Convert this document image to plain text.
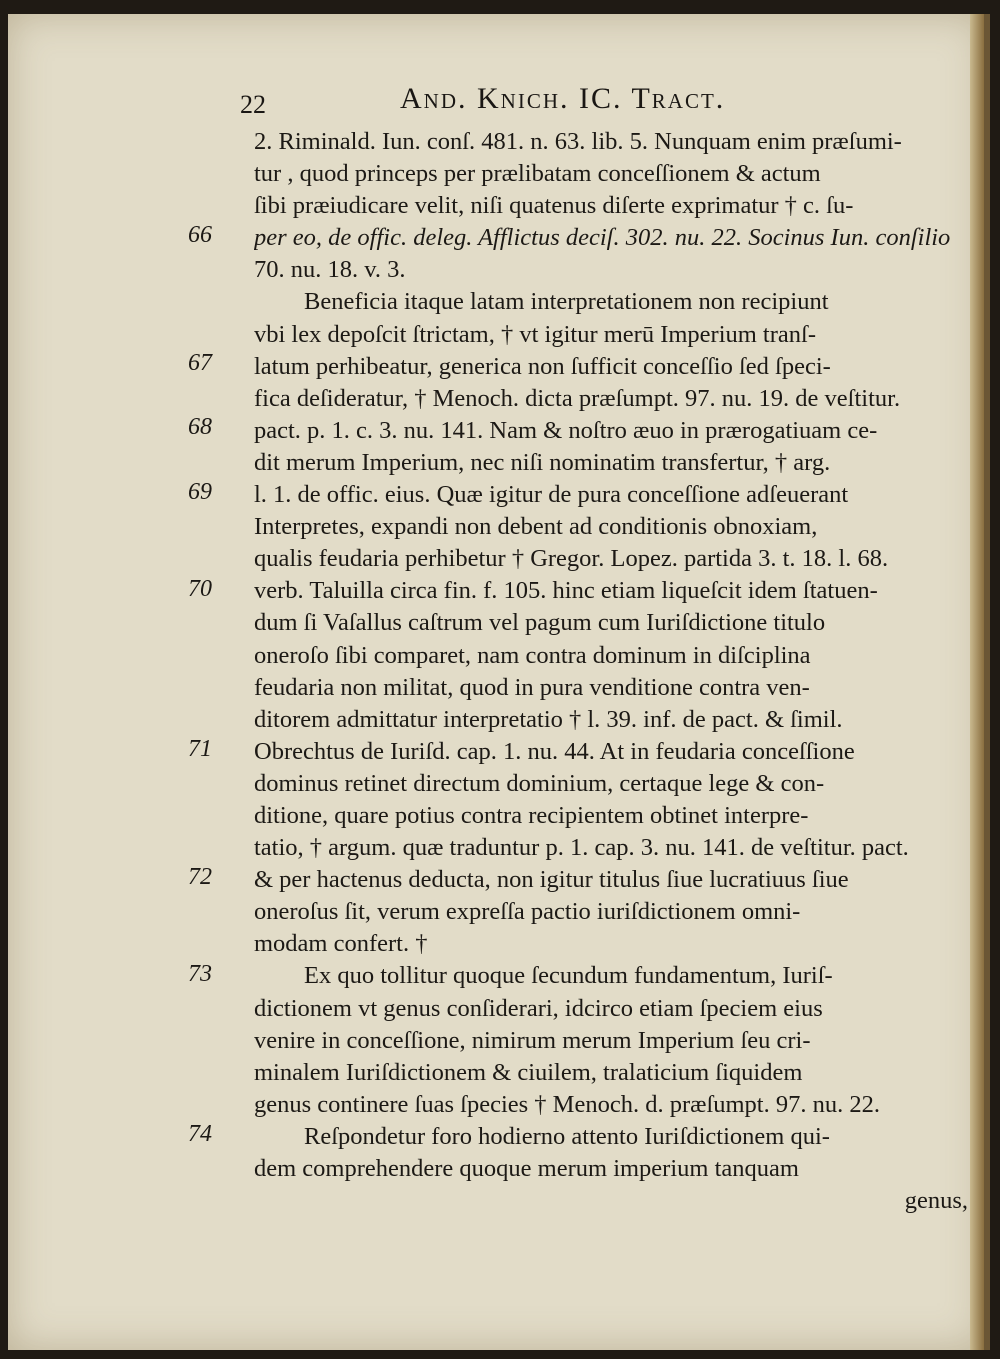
22	And. Knich. IC. Tract.
66
67
68
69
70
71
72
73
74
2. Riminald. Iun. conſ. 481. n. 63. lib. 5. Nunquam enim præſumi-
tur , quod princeps per prælibatam conceſſionem & actum
ſibi præiudicare velit, niſi quatenus diſerte exprimatur † c. ſu-
per eo, de offic. deleg. Afflictus deciſ. 302. nu. 22. Socinus Iun. conſilio
70. nu. 18. v. 3.
Beneficia itaque latam interpretationem non recipiunt
vbi lex depoſcit ſtrictam, † vt igitur merū Imperium tranſ-
latum perhibeatur, generica non ſufficit conceſſio ſed ſpeci-
fica deſideratur, † Menoch. dicta præſumpt. 97. nu. 19. de veſtitur.
pact. p. 1. c. 3. nu. 141. Nam & noſtro æuo in prærogatiuam ce-
dit merum Imperium, nec niſi nominatim transfertur, † arg.
l. 1. de offic. eius. Quæ igitur de pura conceſſione adſeuerant
Interpretes, expandi non debent ad conditionis obnoxiam,
qualis feudaria perhibetur † Gregor. Lopez. partida 3. t. 18. l. 68.
verb. Taluilla circa fin. f. 105. hinc etiam liqueſcit idem ſtatuen-
dum ſi Vaſallus caſtrum vel pagum cum Iuriſdictione titulo
oneroſo ſibi comparet, nam contra dominum in diſciplina
feudaria non militat, quod in pura venditione contra ven-
ditorem admittatur interpretatio † l. 39. inf. de pact. & ſimil.
Obrechtus de Iuriſd. cap. 1. nu. 44. At in feudaria conceſſione
dominus retinet directum dominium, certaque lege & con-
ditione, quare potius contra recipientem obtinet interpre-
tatio, † argum. quæ traduntur p. 1. cap. 3. nu. 141. de veſtitur. pact.
& per hactenus deducta, non igitur titulus ſiue lucratiuus ſiue
oneroſus ſit, verum expreſſa pactio iuriſdictionem omni-
modam confert. †
Ex quo tollitur quoque ſecundum fundamentum, Iuriſ-
dictionem vt genus conſiderari, idcirco etiam ſpeciem eius
venire in conceſſione, nimirum merum Imperium ſeu cri-
minalem Iuriſdictionem & ciuilem, tralaticium ſiquidem
genus continere ſuas ſpecies † Menoch. d. præſumpt. 97. nu. 22.
Reſpondetur foro hodierno attento Iuriſdictionem qui-
dem comprehendere quoque merum imperium tanquam
genus,
